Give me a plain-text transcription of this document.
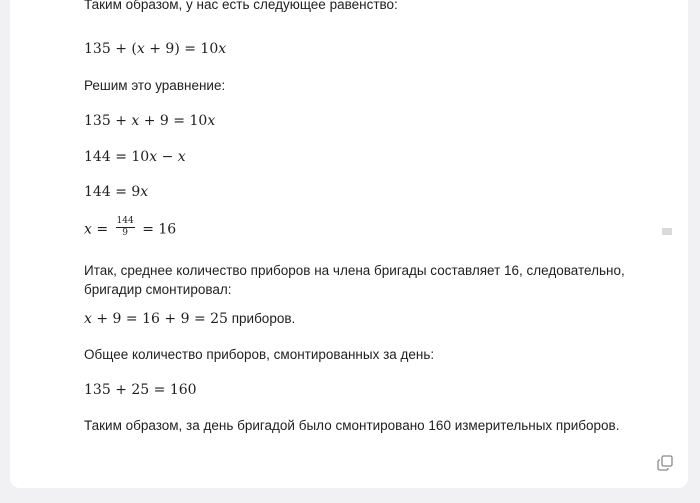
Таким образом, у нас есть следующее равенство:

135 + (x + 9) = 10x

Решим это уравнение:

135 + x + 9 = 10x

144 = 10x − x

144 = 9x

$x = \frac{144}{9} = 16$

Итак, среднее количество приборов на члена бригады составляет 16, следовательно, бригадир смонтировал:

x + 9 = 16 + 9 = 25 приборов.

Общее количество приборов, смонтированных за день:

135 + 25 = 160

Таким образом, за день бригадой было смонтировано 160 измерительных приборов.
